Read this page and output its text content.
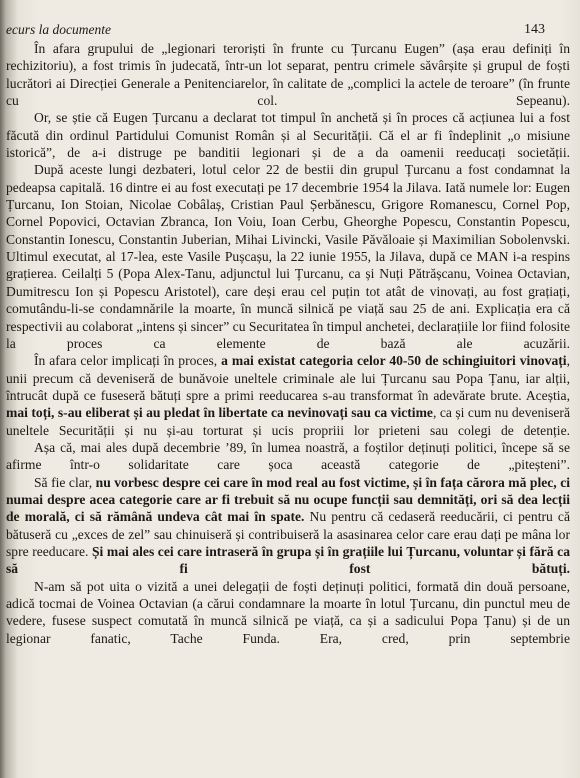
ecurs la documente	143

În afara grupului de „legionari teroriști în frunte cu Țurcanu Eugen” (așa erau definiți în rechizitoriu), a fost trimis în judecată, într-un lot separat, pentru crimele săvârșite și grupul de foști lucrători ai Direcției Generale a Penitenciarelor, în calitate de „complici la actele de teroare” (în frunte cu col. Sepeanu).

Or, se știe că Eugen Țurcanu a declarat tot timpul în anchetă și în proces că acțiunea lui a fost făcută din ordinul Partidului Comunist Român și al Securității. Că el ar fi îndeplinit „o misiune istorică”, de a-i distruge pe banditii legionari și de a da oamenii reeducați societății.

După aceste lungi dezbateri, lotul celor 22 de bestii din grupul Țurcanu a fost condamnat la pedeapsa capitală. 16 dintre ei au fost executați pe 17 decembrie 1954 la Jilava. Iată numele lor: Eugen Țurcanu, Ion Stoian, Nicolae Cobâlaș, Cristian Paul Șerbănescu, Grigore Romanescu, Cornel Pop, Cornel Popovici, Octavian Zbranca, Ion Voiu, Ioan Cerbu, Gheorghe Popescu, Constantin Popescu, Constantin Ionescu, Constantin Juberian, Mihai Livincki, Vasile Păvăloaie și Maximilian Sobolenvski. Ultimul executat, al 17-lea, este Vasile Pușcașu, la 22 iunie 1955, la Jilava, după ce MAN i-a respins grațierea. Ceilalți 5 (Popa Alex-Tanu, adjunctul lui Țurcanu, ca și Nuți Pătrășcanu, Voinea Octavian, Dumitrescu Ion și Popescu Aristotel), care deși erau cel puțin tot atât de vinovați, au fost grațiați, comutându-li-se condamnările la moarte, în muncă silnică pe viață sau 25 de ani. Explicația era că respectivii au colaborat „intens și sincer” cu Securitatea în timpul anchetei, declarațiile lor fiind folosite la proces ca elemente de bază ale acuzării.

În afara celor implicați în proces, a mai existat categoria celor 40-50 de schingiuitori vinovați, unii precum că deveniseră de bunăvoie uneltele criminale ale lui Țurcanu sau Popa Țanu, iar alții, întrucât după ce fuseseră bătuți spre a primi reeducarea s-au transformat în adevărate brute. Aceștia, mai toți, s-au eliberat și au pledat în libertate ca nevinovați sau ca victime, ca și cum nu deveniseră uneltele Securității și nu și-au torturat și ucis propriii lor prieteni sau colegi de detenție.

Așa că, mai ales după decembrie ’89, în lumea noastră, a foștilor deținuți politici, începe să se afirme într-o solidaritate care șoca această categorie de „piteșteni”.

Să fie clar, nu vorbesc despre cei care în mod real au fost victime, și în fața cărora mă plec, ci numai despre acea categorie care ar fi trebuit să nu ocupe funcții sau demnități, ori să dea lecții de morală, ci să rămână undeva cât mai în spate. Nu pentru că cedaseră reeducării, ci pentru că bătuseră cu „exces de zel” sau chinuiseră și contribuiseră la asasinarea celor care erau dați pe mâna lor spre reeducare. Și mai ales cei care intraseră în grupa și în grațiile lui Țurcanu, voluntar și fără ca să fi fost bătuți.

N-am să pot uita o vizită a unei delegații de foști deținuți politici, formată din două persoane, adică tocmai de Voinea Octavian (a cărui condamnare la moarte în lotul Țurcanu, din punctul meu de vedere, fusese suspect comutată în muncă silnică pe viață, ca și a sadicului Popa Țanu) și de un legionar fanatic, Tache Funda. Era, cred, prin septembrie
